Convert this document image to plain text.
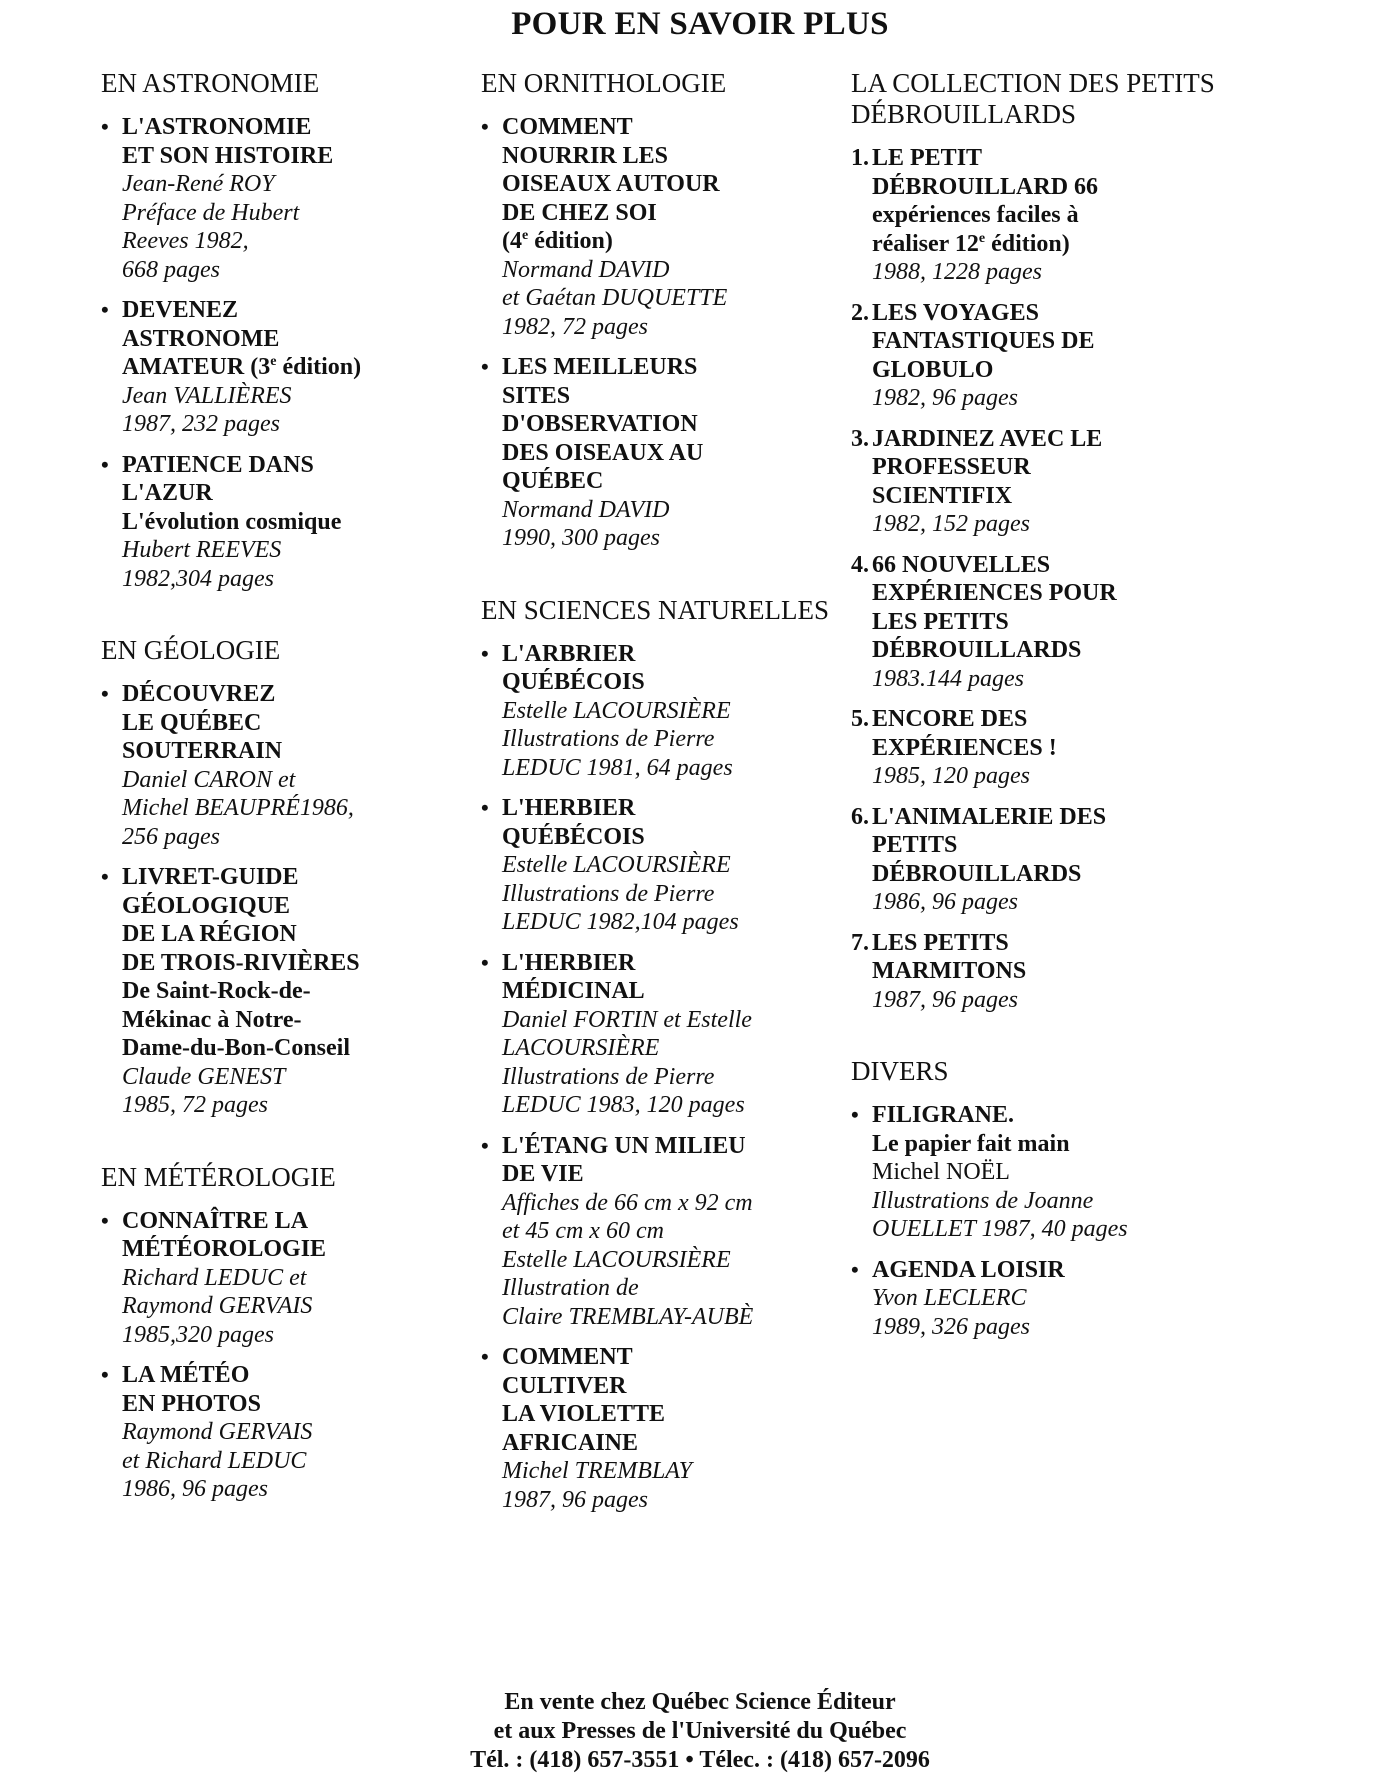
POUR EN SAVOIR PLUS
EN ASTRONOMIE
• L'ASTRONOMIE
ET SON HISTOIRE
Jean-René ROY
Préface de Hubert
Reeves 1982,
668 pages
• DEVENEZ
ASTRONOME
AMATEUR (3e édition)
Jean VALLIÈRES
1987, 232 pages
• PATIENCE DANS
L'AZUR
L'évolution cosmique
Hubert REEVES
1982,304 pages
EN GÉOLOGIE
• DÉCOUVREZ
LE QUÉBEC
SOUTERRAIN
Daniel CARON et
Michel BEAUPRÉ1986,
256 pages
• LIVRET-GUIDE
GÉOLOGIQUE
DE LA RÉGION
DE TROIS-RIVIÈRES
De Saint-Rock-de-
Mékinac à Notre-
Dame-du-Bon-Conseil
Claude GENEST
1985, 72 pages
EN MÉTÉROLOGIE
• CONNAÎTRE LA
MÉTÉOROLOGIE
Richard LEDUC et
Raymond GERVAIS
1985,320 pages
• LA MÉTÉO
EN PHOTOS
Raymond GERVAIS
et Richard LEDUC
1986, 96 pages
EN ORNITHOLOGIE
• COMMENT
NOURRIR LES
OISEAUX AUTOUR
DE CHEZ SOI
(4e édition)
Normand DAVID
et Gaétan DUQUETTE
1982, 72 pages
• LES MEILLEURS
SITES
D'OBSERVATION
DES OISEAUX AU
QUÉBEC
Normand DAVID
1990, 300 pages
EN SCIENCES NATURELLES
• L'ARBRIER
QUÉBÉCOIS
Estelle LACOURSIÈRE
Illustrations de Pierre
LEDUC 1981, 64 pages
• L'HERBIER
QUÉBÉCOIS
Estelle LACOURSIÈRE
Illustrations de Pierre
LEDUC 1982,104 pages
• L'HERBIER
MÉDICINAL
Daniel FORTIN et Estelle
LACOURSIÈRE
Illustrations de Pierre
LEDUC 1983, 120 pages
• L'ÉTANG UN MILIEU
DE VIE
Affiches de 66 cm x 92 cm
et 45 cm x 60 cm
Estelle LACOURSIÈRE
Illustration de
Claire TREMBLAY-AUBÈ
• COMMENT
CULTIVER
LA VIOLETTE
AFRICAINE
Michel TREMBLAY
1987, 96 pages
LA COLLECTION DES PETITS DÉBROUILLARDS
1. LE PETIT
DÉBROUILLARD 66
expériences faciles à
réaliser 12e édition)
1988, 1228 pages
2. LES VOYAGES
FANTASTIQUES DE
GLOBULO
1982, 96 pages
3. JARDINEZ AVEC LE
PROFESSEUR
SCIENTIFIX
1982, 152 pages
4. 66 NOUVELLES
EXPÉRIENCES POUR
LES PETITS
DÉBROUILLARDS
1983.144 pages
5. ENCORE DES
EXPÉRIENCES !
1985, 120 pages
6. L'ANIMALERIE DES
PETITS
DÉBROUILLARDS
1986, 96 pages
7. LES PETITS
MARMITONS
1987, 96 pages
DIVERS
• FILIGRANE.
Le papier fait main
Michel NOËL
Illustrations de Joanne
OUELLET 1987, 40 pages
• AGENDA LOISIR
Yvon LECLERC
1989, 326 pages
En vente chez Québec Science Éditeur
et aux Presses de l'Université du Québec
Tél. : (418) 657-3551 • Télec. : (418) 657-2096
